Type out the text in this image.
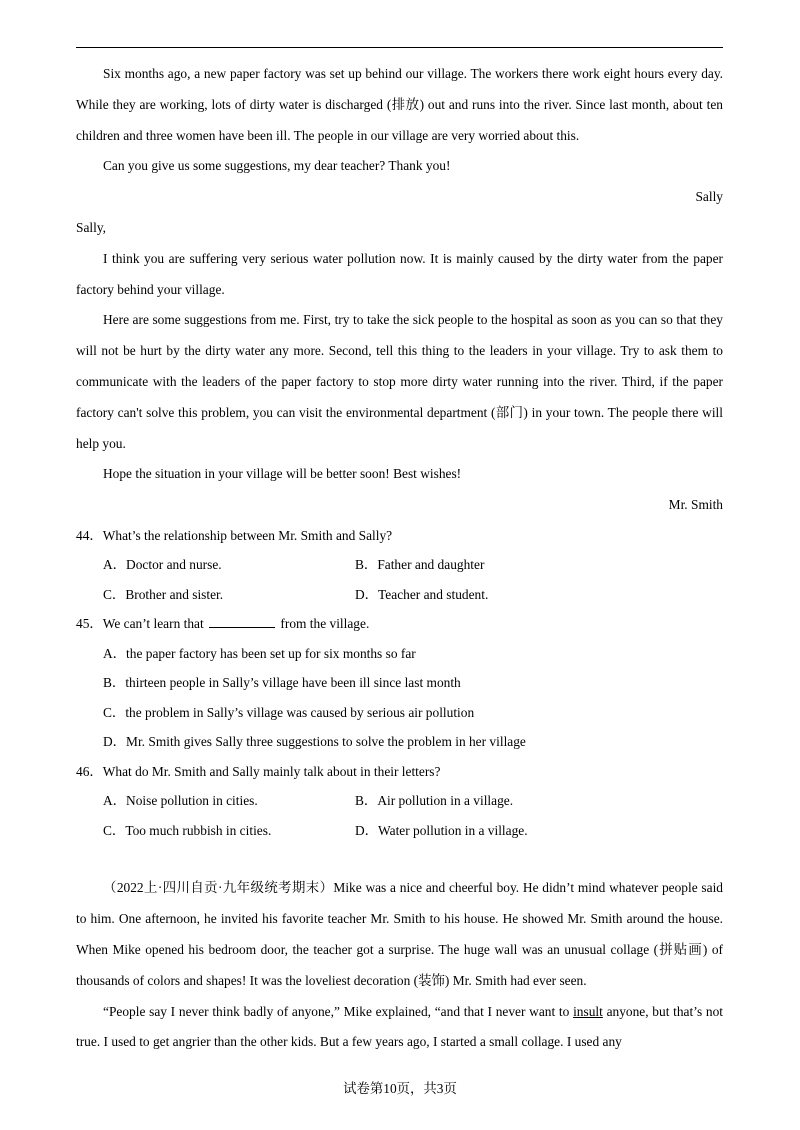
Six months ago, a new paper factory was set up behind our village. The workers there work eight hours every day. While they are working, lots of dirty water is discharged (排放) out and runs into the river. Since last month, about ten children and three women have been ill. The people in our village are very worried about this.

Can you give us some suggestions, my dear teacher? Thank you!

Sally

Sally,

I think you are suffering very serious water pollution now. It is mainly caused by the dirty water from the paper factory behind your village.

Here are some suggestions from me. First, try to take the sick people to the hospital as soon as you can so that they will not be hurt by the dirty water any more. Second, tell this thing to the leaders in your village. Try to ask them to communicate with the leaders of the paper factory to stop more dirty water running into the river. Third, if the paper factory can't solve this problem, you can visit the environmental department (部门) in your town. The people there will help you.

Hope the situation in your village will be better soon! Best wishes!

Mr. Smith

44．What’s the relationship between Mr. Smith and Sally?

A．Doctor and nurse.	B．Father and daughter
C．Brother and sister.	D．Teacher and student.

45．We can’t learn that	from the village.

A．the paper factory has been set up for six months so far
B．thirteen people in Sally’s village have been ill since last month
C．the problem in Sally’s village was caused by serious air pollution
D．Mr. Smith gives Sally three suggestions to solve the problem in her village

46．What do Mr. Smith and Sally mainly talk about in their letters?

A．Noise pollution in cities.	B．Air pollution in a village.
C．Too much rubbish in cities.	D．Water pollution in a village.

（2022上·四川自贡·九年级统考期末）Mike was a nice and cheerful boy. He didn’t mind whatever people said to him. One afternoon, he invited his favorite teacher Mr. Smith to his house. He showed Mr. Smith around the house. When Mike opened his bedroom door, the teacher got a surprise. The huge wall was an unusual collage (拼贴画) of thousands of colors and shapes! It was the loveliest decoration (装饰) Mr. Smith had ever seen.

“People say I never think badly of anyone,” Mike explained, “and that I never want to insult anyone, but that’s not true. I used to get angrier than the other kids. But a few years ago, I started a small collage. I used any

试卷第10页，共3页
